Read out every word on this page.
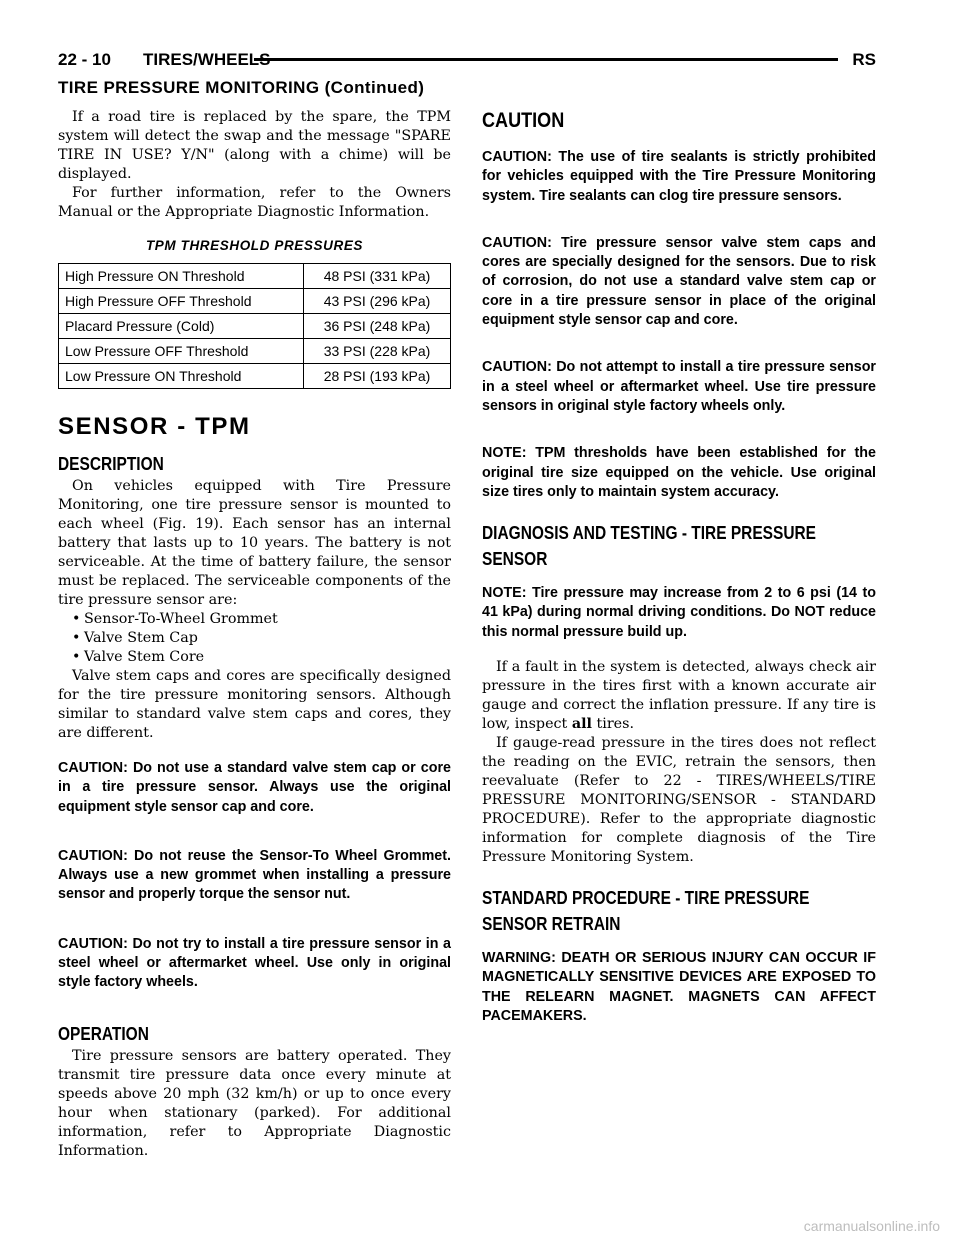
22 - 10 TIRES/WHEELS	RS
TIRE PRESSURE MONITORING (Continued)

If a road tire is replaced by the spare, the TPM system will detect the swap and the message "SPARE TIRE IN USE? Y/N" (along with a chime) will be displayed.

For further information, refer to the Owners Manual or the Appropriate Diagnostic Information.

TPM THRESHOLD PRESSURES
High Pressure ON Threshold	48 PSI (331 kPa)
High Pressure OFF Threshold	43 PSI (296 kPa)
Placard Pressure (Cold)	36 PSI (248 kPa)
Low Pressure OFF Threshold	33 PSI (228 kPa)
Low Pressure ON Threshold	28 PSI (193 kPa)
SENSOR - TPM
DESCRIPTION

On vehicles equipped with Tire Pressure Monitoring, one tire pressure sensor is mounted to each wheel (Fig. 19). Each sensor has an internal battery that lasts up to 10 years. The battery is not serviceable. At the time of battery failure, the sensor must be replaced. The serviceable components of the tire pressure sensor are:

• Sensor-To-Wheel Grommet
• Valve Stem Cap
• Valve Stem Core

Valve stem caps and cores are specifically designed for the tire pressure monitoring sensors. Although similar to standard valve stem caps and cores, they are different.

CAUTION: Do not use a standard valve stem cap or core in a tire pressure sensor. Always use the original equipment style sensor cap and core.

CAUTION: Do not reuse the Sensor-To Wheel Grommet. Always use a new grommet when installing a pressure sensor and properly torque the sensor nut.

CAUTION: Do not try to install a tire pressure sensor in a steel wheel or aftermarket wheel. Use only in original style factory wheels.

OPERATION

Tire pressure sensors are battery operated. They transmit tire pressure data once every minute at speeds above 20 mph (32 km/h) or up to once every hour when stationary (parked). For additional information, refer to Appropriate Diagnostic Information.

CAUTION

CAUTION: The use of tire sealants is strictly prohibited for vehicles equipped with the Tire Pressure Monitoring system. Tire sealants can clog tire pressure sensors.

CAUTION: Tire pressure sensor valve stem caps and cores are specially designed for the sensors. Due to risk of corrosion, do not use a standard valve stem cap or core in a tire pressure sensor in place of the original equipment style sensor cap and core.

CAUTION: Do not attempt to install a tire pressure sensor in a steel wheel or aftermarket wheel. Use tire pressure sensors in original style factory wheels only.

NOTE: TPM thresholds have been established for the original tire size equipped on the vehicle. Use original size tires only to maintain system accuracy.

DIAGNOSIS AND TESTING - TIRE PRESSURE
SENSOR

NOTE: Tire pressure may increase from 2 to 6 psi (14 to 41 kPa) during normal driving conditions. Do NOT reduce this normal pressure build up.

If a fault in the system is detected, always check air pressure in the tires first with a known accurate air gauge and correct the inflation pressure. If any tire is low, inspect all tires.

If gauge-read pressure in the tires does not reflect the reading on the EVIC, retrain the sensors, then reevaluate (Refer to 22 - TIRES/WHEELS/TIRE PRESSURE MONITORING/SENSOR - STANDARD PROCEDURE). Refer to the appropriate diagnostic information for complete diagnosis of the Tire Pressure Monitoring System.

STANDARD PROCEDURE - TIRE PRESSURE
SENSOR RETRAIN

WARNING: DEATH OR SERIOUS INJURY CAN OCCUR IF MAGNETICALLY SENSITIVE DEVICES ARE EXPOSED TO THE RELEARN MAGNET. MAGNETS CAN AFFECT PACEMAKERS.

carmanualsonline.info
